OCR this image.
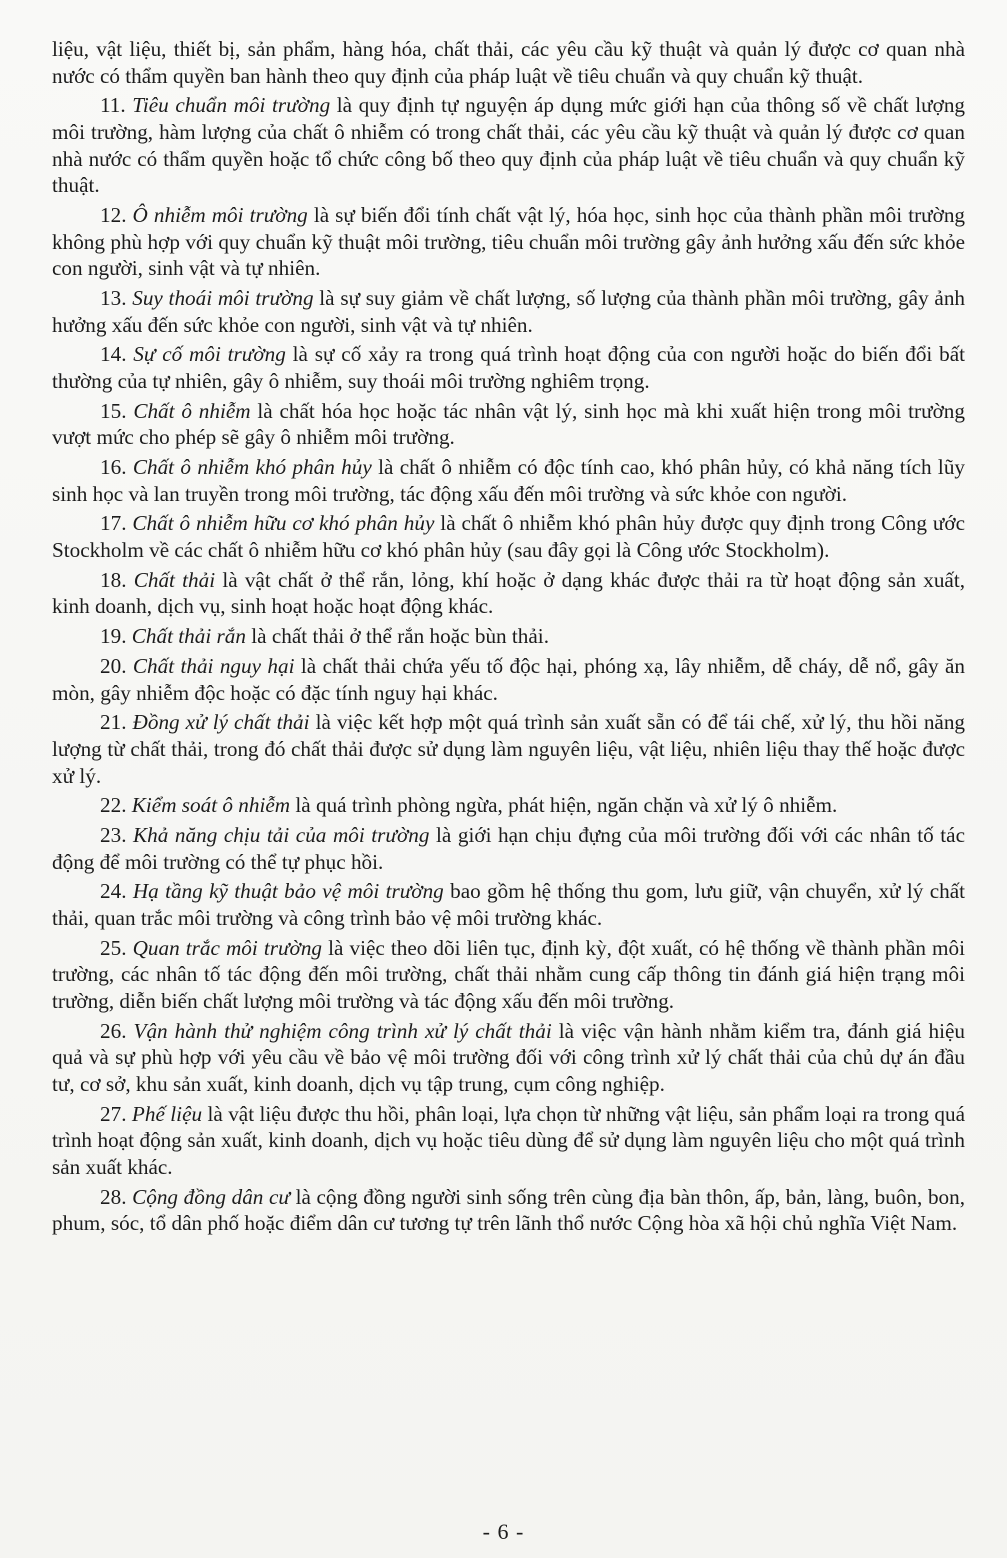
liệu, vật liệu, thiết bị, sản phẩm, hàng hóa, chất thải, các yêu cầu kỹ thuật và quản lý được cơ quan nhà nước có thẩm quyền ban hành theo quy định của pháp luật về tiêu chuẩn và quy chuẩn kỹ thuật.

11. Tiêu chuẩn môi trường là quy định tự nguyện áp dụng mức giới hạn của thông số về chất lượng môi trường, hàm lượng của chất ô nhiễm có trong chất thải, các yêu cầu kỹ thuật và quản lý được cơ quan nhà nước có thẩm quyền hoặc tổ chức công bố theo quy định của pháp luật về tiêu chuẩn và quy chuẩn kỹ thuật.

12. Ô nhiễm môi trường là sự biến đổi tính chất vật lý, hóa học, sinh học của thành phần môi trường không phù hợp với quy chuẩn kỹ thuật môi trường, tiêu chuẩn môi trường gây ảnh hưởng xấu đến sức khỏe con người, sinh vật và tự nhiên.

13. Suy thoái môi trường là sự suy giảm về chất lượng, số lượng của thành phần môi trường, gây ảnh hưởng xấu đến sức khỏe con người, sinh vật và tự nhiên.

14. Sự cố môi trường là sự cố xảy ra trong quá trình hoạt động của con người hoặc do biến đổi bất thường của tự nhiên, gây ô nhiễm, suy thoái môi trường nghiêm trọng.

15. Chất ô nhiễm là chất hóa học hoặc tác nhân vật lý, sinh học mà khi xuất hiện trong môi trường vượt mức cho phép sẽ gây ô nhiễm môi trường.

16. Chất ô nhiễm khó phân hủy là chất ô nhiễm có độc tính cao, khó phân hủy, có khả năng tích lũy sinh học và lan truyền trong môi trường, tác động xấu đến môi trường và sức khỏe con người.

17. Chất ô nhiễm hữu cơ khó phân hủy là chất ô nhiễm khó phân hủy được quy định trong Công ước Stockholm về các chất ô nhiễm hữu cơ khó phân hủy (sau đây gọi là Công ước Stockholm).

18. Chất thải là vật chất ở thể rắn, lỏng, khí hoặc ở dạng khác được thải ra từ hoạt động sản xuất, kinh doanh, dịch vụ, sinh hoạt hoặc hoạt động khác.

19. Chất thải rắn là chất thải ở thể rắn hoặc bùn thải.

20. Chất thải nguy hại là chất thải chứa yếu tố độc hại, phóng xạ, lây nhiễm, dễ cháy, dễ nổ, gây ăn mòn, gây nhiễm độc hoặc có đặc tính nguy hại khác.

21. Đồng xử lý chất thải là việc kết hợp một quá trình sản xuất sẵn có để tái chế, xử lý, thu hồi năng lượng từ chất thải, trong đó chất thải được sử dụng làm nguyên liệu, vật liệu, nhiên liệu thay thế hoặc được xử lý.

22. Kiểm soát ô nhiễm là quá trình phòng ngừa, phát hiện, ngăn chặn và xử lý ô nhiễm.

23. Khả năng chịu tải của môi trường là giới hạn chịu đựng của môi trường đối với các nhân tố tác động để môi trường có thể tự phục hồi.

24. Hạ tầng kỹ thuật bảo vệ môi trường bao gồm hệ thống thu gom, lưu giữ, vận chuyển, xử lý chất thải, quan trắc môi trường và công trình bảo vệ môi trường khác.

25. Quan trắc môi trường là việc theo dõi liên tục, định kỳ, đột xuất, có hệ thống về thành phần môi trường, các nhân tố tác động đến môi trường, chất thải nhằm cung cấp thông tin đánh giá hiện trạng môi trường, diễn biến chất lượng môi trường và tác động xấu đến môi trường.

26. Vận hành thử nghiệm công trình xử lý chất thải là việc vận hành nhằm kiểm tra, đánh giá hiệu quả và sự phù hợp với yêu cầu về bảo vệ môi trường đối với công trình xử lý chất thải của chủ dự án đầu tư, cơ sở, khu sản xuất, kinh doanh, dịch vụ tập trung, cụm công nghiệp.

27. Phế liệu là vật liệu được thu hồi, phân loại, lựa chọn từ những vật liệu, sản phẩm loại ra trong quá trình hoạt động sản xuất, kinh doanh, dịch vụ hoặc tiêu dùng để sử dụng làm nguyên liệu cho một quá trình sản xuất khác.

28. Cộng đồng dân cư là cộng đồng người sinh sống trên cùng địa bàn thôn, ấp, bản, làng, buôn, bon, phum, sóc, tổ dân phố hoặc điểm dân cư tương tự trên lãnh thổ nước Cộng hòa xã hội chủ nghĩa Việt Nam.

- 6 -
